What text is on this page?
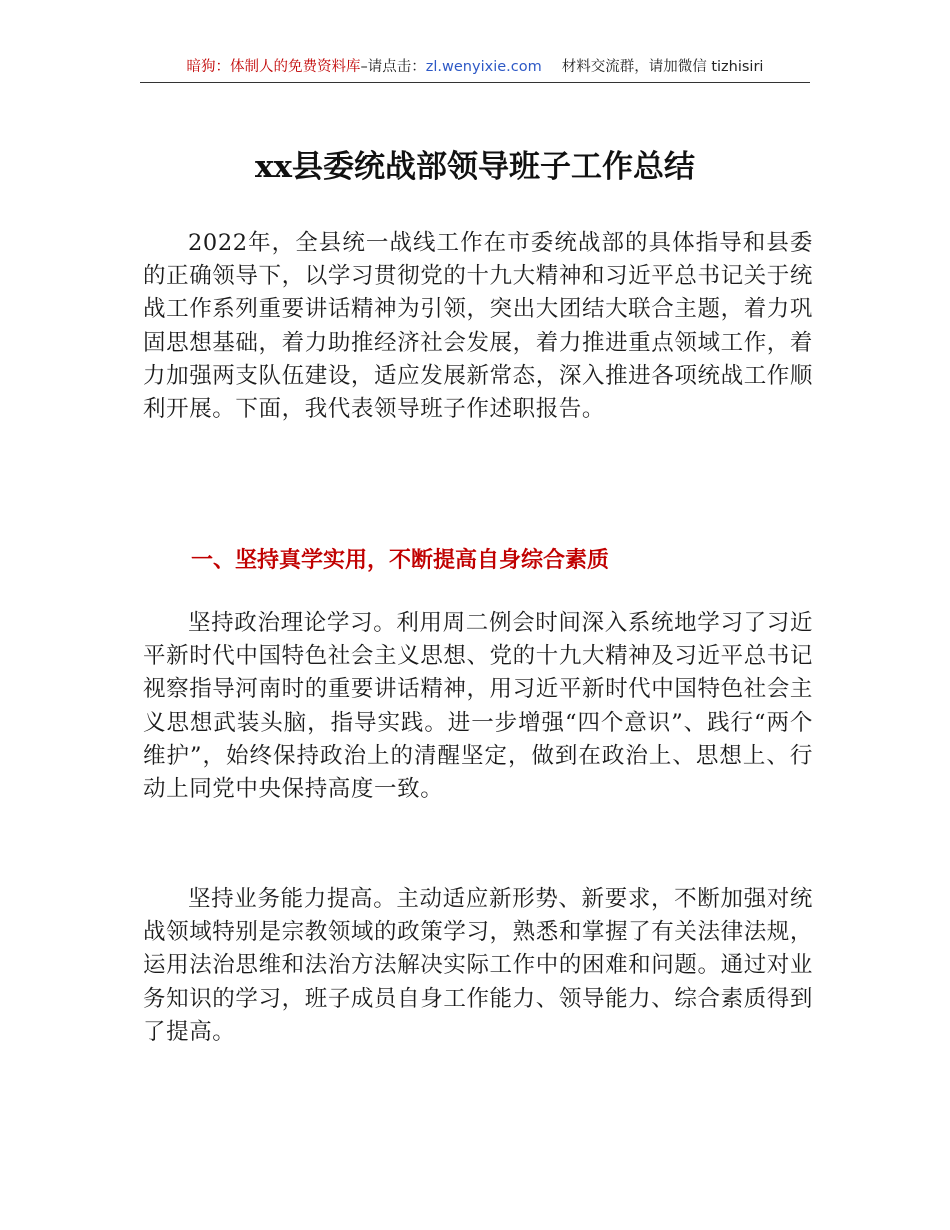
暗狗：体制人的免费资料库–请点击：zl.wenyixie.com 材料交流群，请加微信 tizhisiri
xx县委统战部领导班子工作总结

2022年，全县统一战线工作在市委统战部的具体指导和县委的正确领导下，以学习贯彻党的十九大精神和习近平总书记关于统战工作系列重要讲话精神为引领，突出大团结大联合主题，着力巩固思想基础，着力助推经济社会发展，着力推进重点领域工作，着力加强两支队伍建设，适应发展新常态，深入推进各项统战工作顺利开展。下面，我代表领导班子作述职报告。

一、坚持真学实用，不断提高自身综合素质

坚持政治理论学习。利用周二例会时间深入系统地学习了习近平新时代中国特色社会主义思想、党的十九大精神及习近平总书记视察指导河南时的重要讲话精神，用习近平新时代中国特色社会主义思想武装头脑，指导实践。进一步增强“四个意识”、践行“两个维护”，始终保持政治上的清醒坚定，做到在政治上、思想上、行动上同党中央保持高度一致。

坚持业务能力提高。主动适应新形势、新要求，不断加强对统战领域特别是宗教领域的政策学习，熟悉和掌握了有关法律法规，运用法治思维和法治方法解决实际工作中的困难和问题。通过对业务知识的学习，班子成员自身工作能力、领导能力、综合素质得到了提高。
